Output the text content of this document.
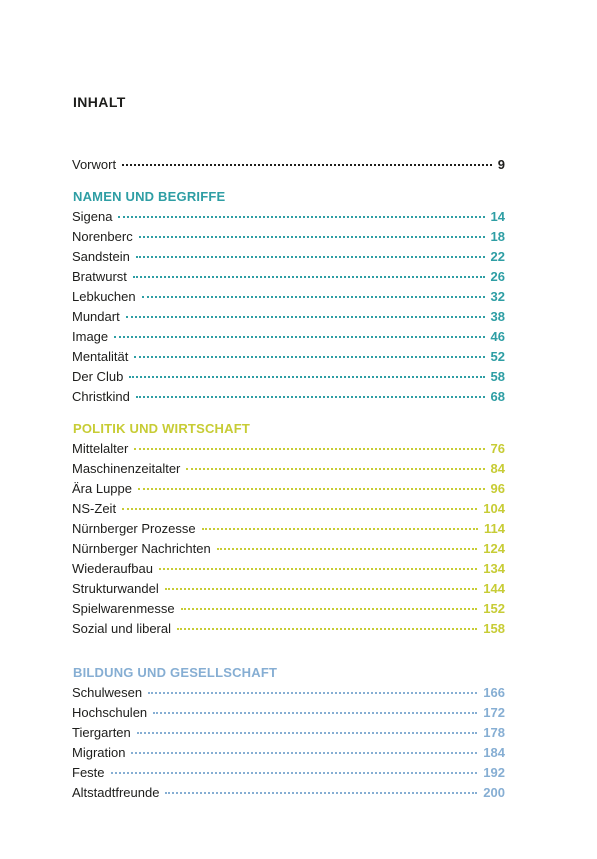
INHALT
Vorwort	9
NAMEN UND BEGRIFFE
Sigena	14
Norenberc	18
Sandstein	22
Bratwurst	26
Lebkuchen	32
Mundart	38
Image	46
Mentalität	52
Der Club	58
Christkind	68
POLITIK UND WIRTSCHAFT
Mittelalter	76
Maschinenzeitalter	84
Ära Luppe	96
NS-Zeit	104
Nürnberger Prozesse	114
Nürnberger Nachrichten	124
Wiederaufbau	134
Strukturwandel	144
Spielwarenmesse	152
Sozial und liberal	158
BILDUNG UND GESELLSCHAFT
Schulwesen	166
Hochschulen	172
Tiergarten	178
Migration	184
Feste	192
Altstadtfreunde	200
